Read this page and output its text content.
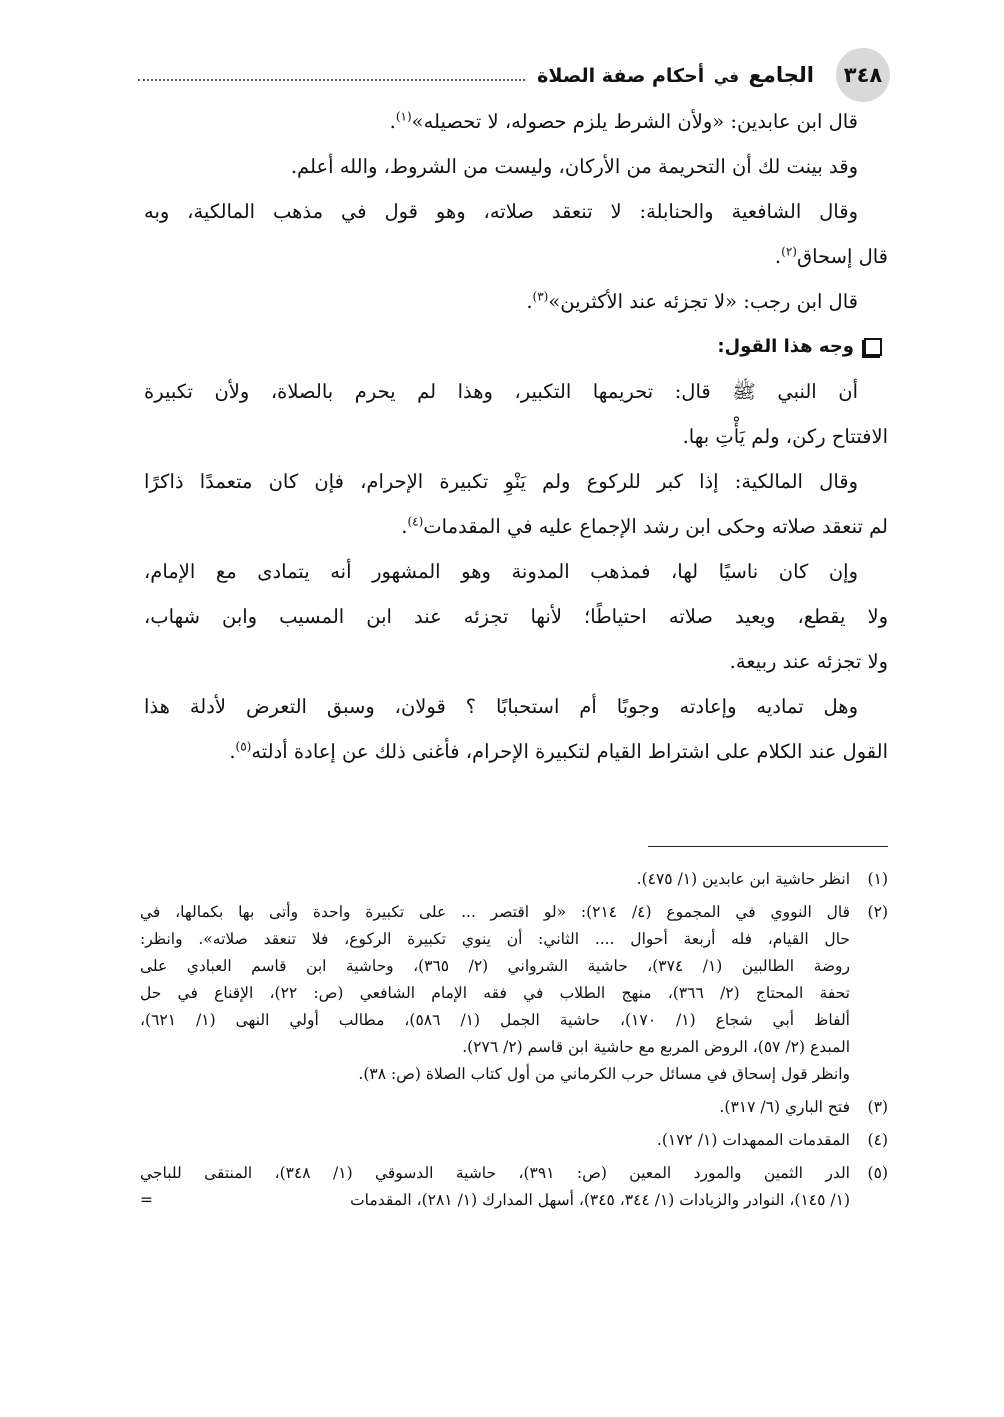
٣٤٨
الجامع في أحكام صفة الصلاة

قال ابن عابدين: «ولأن الشرط يلزم حصوله، لا تحصيله»$^{(١)}$.

وقد بينت لك أن التحريمة من الأركان، وليست من الشروط، والله أعلم.

وقال الشافعية والحنابلة: لا تنعقد صلاته، وهو قول في مذهب المالكية، وبه

قال إسحاق$^{(٢)}$.

قال ابن رجب: «لا تجزئه عند الأكثرين»$^{(٣)}$.

وجه هذا القول:

أن النبي ﷺ قال: تحريمها التكبير، وهذا لم يحرم بالصلاة، ولأن تكبيرة

الافتتاح ركن، ولم يَأْتِ بها.

وقال المالكية: إذا كبر للركوع ولم يَنْوِ تكبيرة الإحرام، فإن كان متعمدًا ذاكرًا

لم تنعقد صلاته وحكى ابن رشد الإجماع عليه في المقدمات$^{(٤)}$.

وإن كان ناسيًا لها، فمذهب المدونة وهو المشهور أنه يتمادى مع الإمام،

ولا يقطع، ويعيد صلاته احتياطًا؛ لأنها تجزئه عند ابن المسيب وابن شهاب،

ولا تجزئه عند ربيعة.

وهل تماديه وإعادته وجوبًا أم استحبابًا ؟ قولان، وسبق التعرض لأدلة هذا

القول عند الكلام على اشتراط القيام لتكبيرة الإحرام، فأغنى ذلك عن إعادة أدلته$^{(٥)}$.

(١)

انظر حاشية ابن عابدين (١/ ٤٧٥).

(٢)

قال النووي في المجموع (٤/ ٢١٤): «لو اقتصر ... على تكبيرة واحدة وأتى بها بكمالها، في

حال القيام، فله أربعة أحوال .... الثاني: أن ينوي تكبيرة الركوع، فلا تنعقد صلاته». وانظر:

روضة الطالبين (١/ ٣٧٤)، حاشية الشرواني (٢/ ٣٦٥)، وحاشية ابن قاسم العبادي على

تحفة المحتاج (٢/ ٣٦٦)، منهج الطلاب في فقه الإمام الشافعي (ص: ٢٢)، الإقناع في حل

ألفاظ أبي شجاع (١/ ١٧٠)، حاشية الجمل (١/ ٥٨٦)، مطالب أولي النهى (١/ ٦٢١)،

المبدع (٢/ ٥٧)، الروض المربع مع حاشية ابن قاسم (٢/ ٢٧٦).

وانظر قول إسحاق في مسائل حرب الكرماني من أول كتاب الصلاة (ص: ٣٨).

(٣)

فتح الباري (٦/ ٣١٧).

(٤)

المقدمات الممهدات (١/ ١٧٢).

(٥)

الدر الثمين والمورد المعين (ص: ٣٩١)، حاشية الدسوقي (١/ ٣٤٨)، المنتقى للباجي

(١/ ١٤٥)، النوادر والزيادات (١/ ٣٤٤، ٣٤٥)، أسهل المدارك (١/ ٢٨١)، المقدمات
=
